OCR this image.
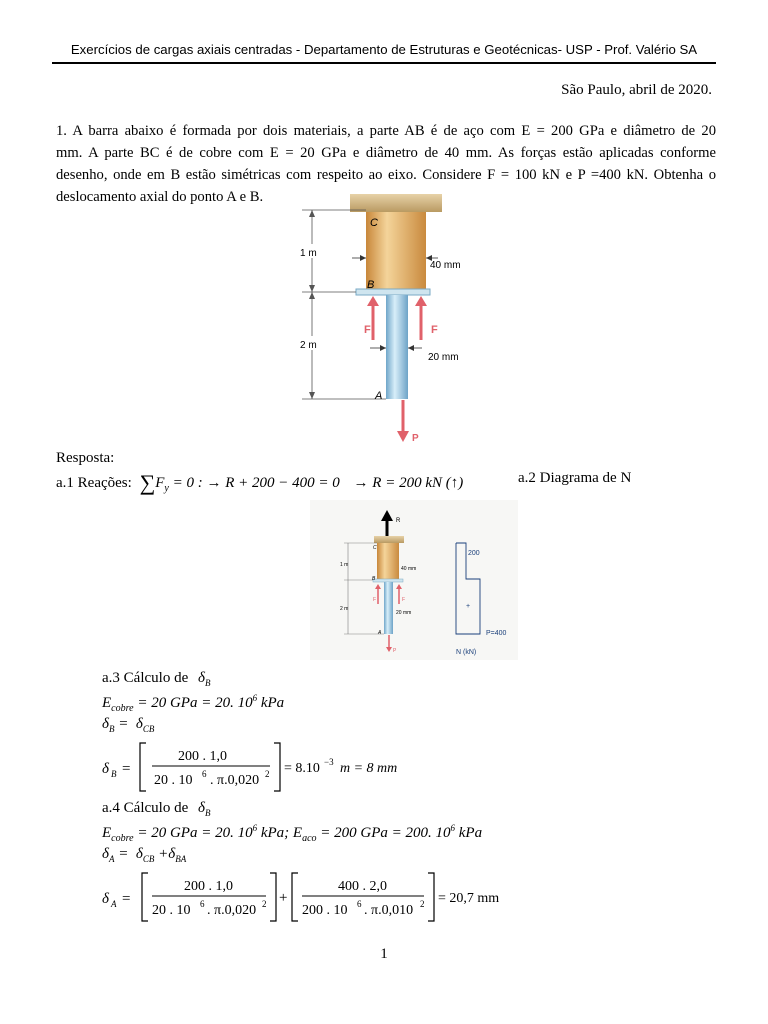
Exercícios de cargas axiais centradas - Departamento de Estruturas e Geotécnicas- USP - Prof. Valério SA
São Paulo, abril de 2020.
1. A barra abaixo é formada por dois materiais, a parte AB é de aço com E = 200 GPa e diâmetro de 20
mm. A parte BC é de cobre com E = 20 GPa e diâmetro de 40 mm. As forças estão aplicadas conforme
desenho, onde em B estão simétricas com respeito ao eixo. Considere F = 100 kN e P =400 kN. Obtenha o
deslocamento axial do ponto A e B.
1 m
2 m
40 mm
20 mm
F	F
P
C
B
A
Resposta:
a.1 Reações: $\sum F_y = 0$ : → R + 200 − 400 = 0 → R = 200 kN (↑)	a.2 Diagrama de N
R
1 m
2 m
40 mm
20 mm
C
B
A
F	F
P
200
+
P=400
N (kN)
a.3 Cálculo de $\delta_B$
$E_{cobre} = 20$ GPa = 20. $10^6$ kPa
$\delta_B = \delta_{CB}$
δ B =
200 . 1,0
20 . 10 6 . π.0,020 2 = 8.10 −3 m = 8 mm
a.4 Cálculo de $\delta_B$
$E_{cobre} = 20$ GPa = 20. $10^6$ kPa; $E_{aco} = 200$ GPa = 200. $10^6$ kPa
$\delta_A = \delta_{CB} +\delta_{BA}$
δ A =
200 . 1,0
20 . 10 6 . π.0,020 2 +
400 . 2,0
200 . 10 6 . π.0,010 2 = 20,7 mm
1
